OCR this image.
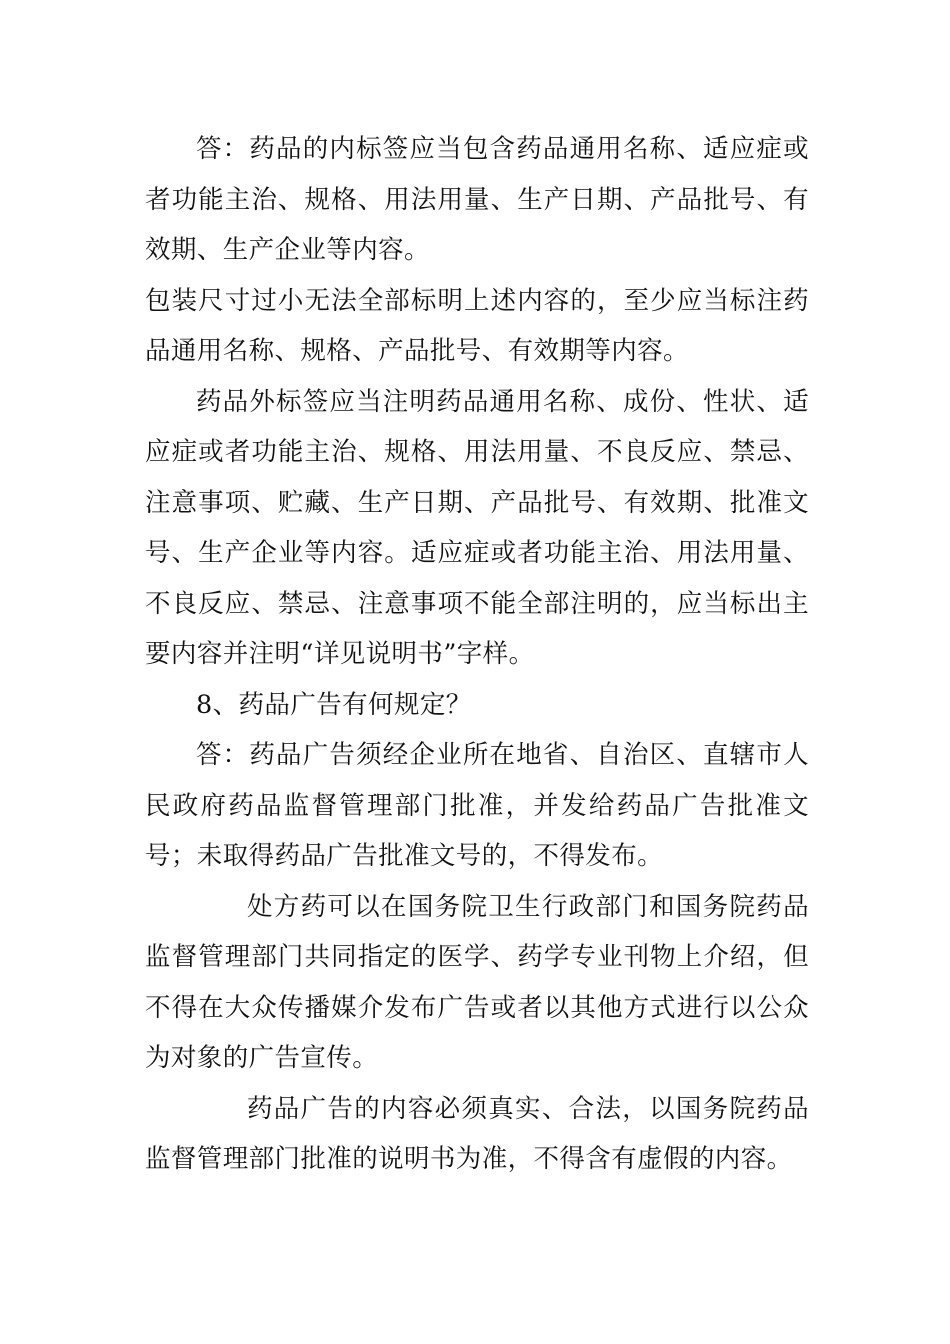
答：药品的内标签应当包含药品通用名称、适应症或者功能主治、规格、用法用量、生产日期、产品批号、有效期、生产企业等内容。

包装尺寸过小无法全部标明上述内容的，至少应当标注药品通用名称、规格、产品批号、有效期等内容。

药品外标签应当注明药品通用名称、成份、性状、适应症或者功能主治、规格、用法用量、不良反应、禁忌、注意事项、贮藏、生产日期、产品批号、有效期、批准文号、生产企业等内容。适应症或者功能主治、用法用量、不良反应、禁忌、注意事项不能全部注明的，应当标出主要内容并注明“详见说明书”字样。

8、药品广告有何规定？

答：药品广告须经企业所在地省、自治区、直辖市人民政府药品监督管理部门批准，并发给药品广告批准文号；未取得药品广告批准文号的，不得发布。

处方药可以在国务院卫生行政部门和国务院药品监督管理部门共同指定的医学、药学专业刊物上介绍，但不得在大众传播媒介发布广告或者以其他方式进行以公众为对象的广告宣传。

药品广告的内容必须真实、合法，以国务院药品监督管理部门批准的说明书为准，不得含有虚假的内容。
